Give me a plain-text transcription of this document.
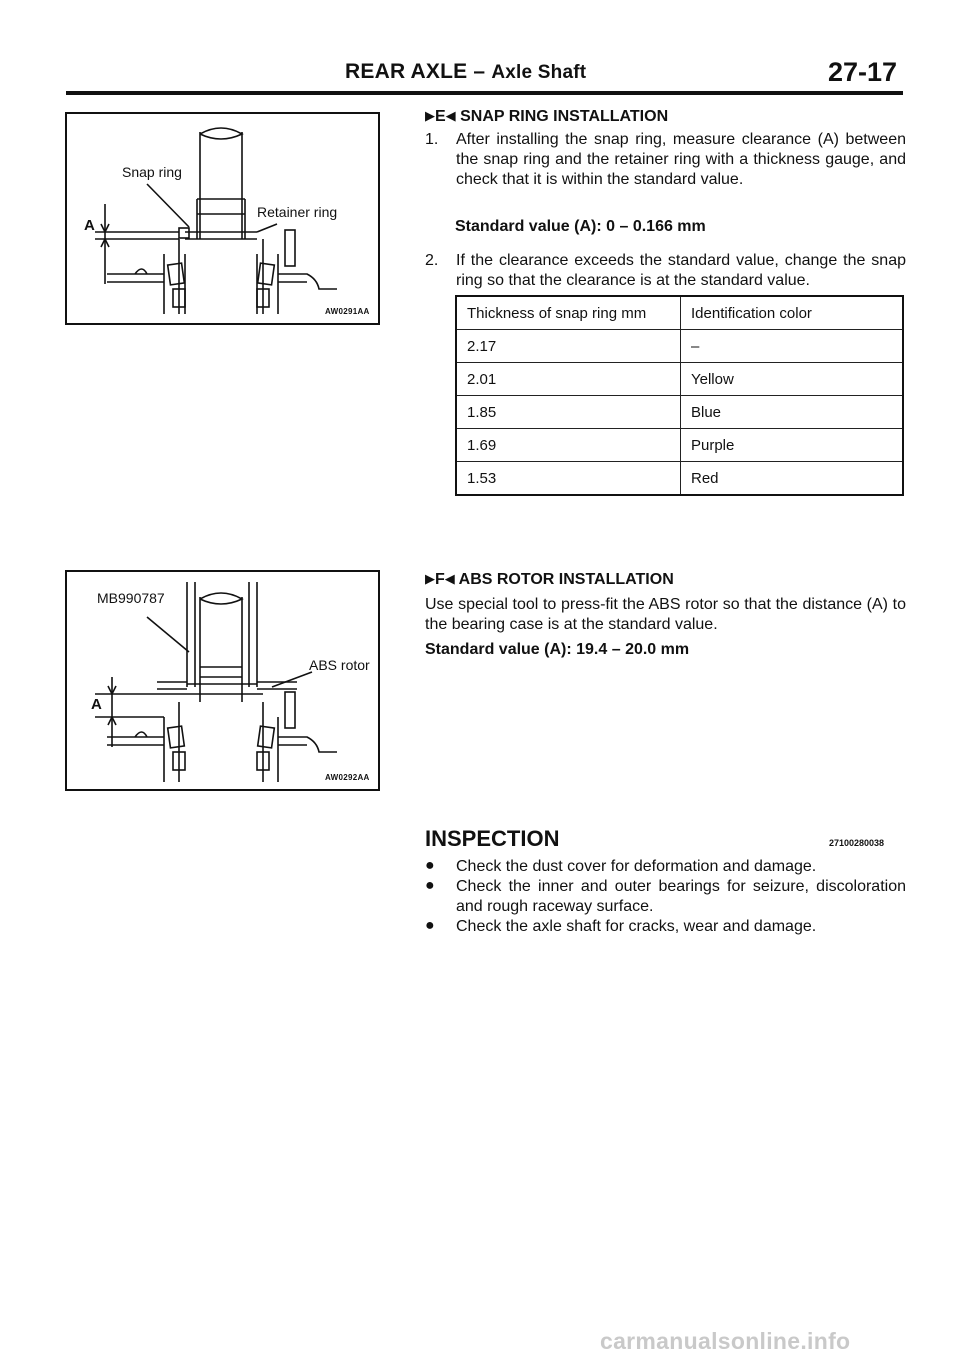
REAR AXLE – Axle Shaft	27-17
Snap ring
Retainer ring
A
AW0291AA
▶E◀ SNAP RING INSTALLATION
1. After installing the snap ring, measure clearance (A) between the snap ring and the retainer ring with a thickness gauge, and check that it is within the standard value.
Standard value (A): 0 – 0.166 mm
2. If the clearance exceeds the standard value, change the snap ring so that the clearance is at the standard value.
Thickness of snap ring mm	Identification color
2.17	–
2.01	Yellow
1.85	Blue
1.69	Purple
1.53	Red
MB990787
ABS rotor
A
AW0292AA
▶F◀ ABS ROTOR INSTALLATION
Use special tool to press-fit the ABS rotor so that the distance (A) to the bearing case is at the standard value.
Standard value (A): 19.4 – 20.0 mm
INSPECTION	27100280038
● Check the dust cover for deformation and damage.
● Check the inner and outer bearings for seizure, discoloration and rough raceway surface.
● Check the axle shaft for cracks, wear and damage.
carmanualsonline.info
